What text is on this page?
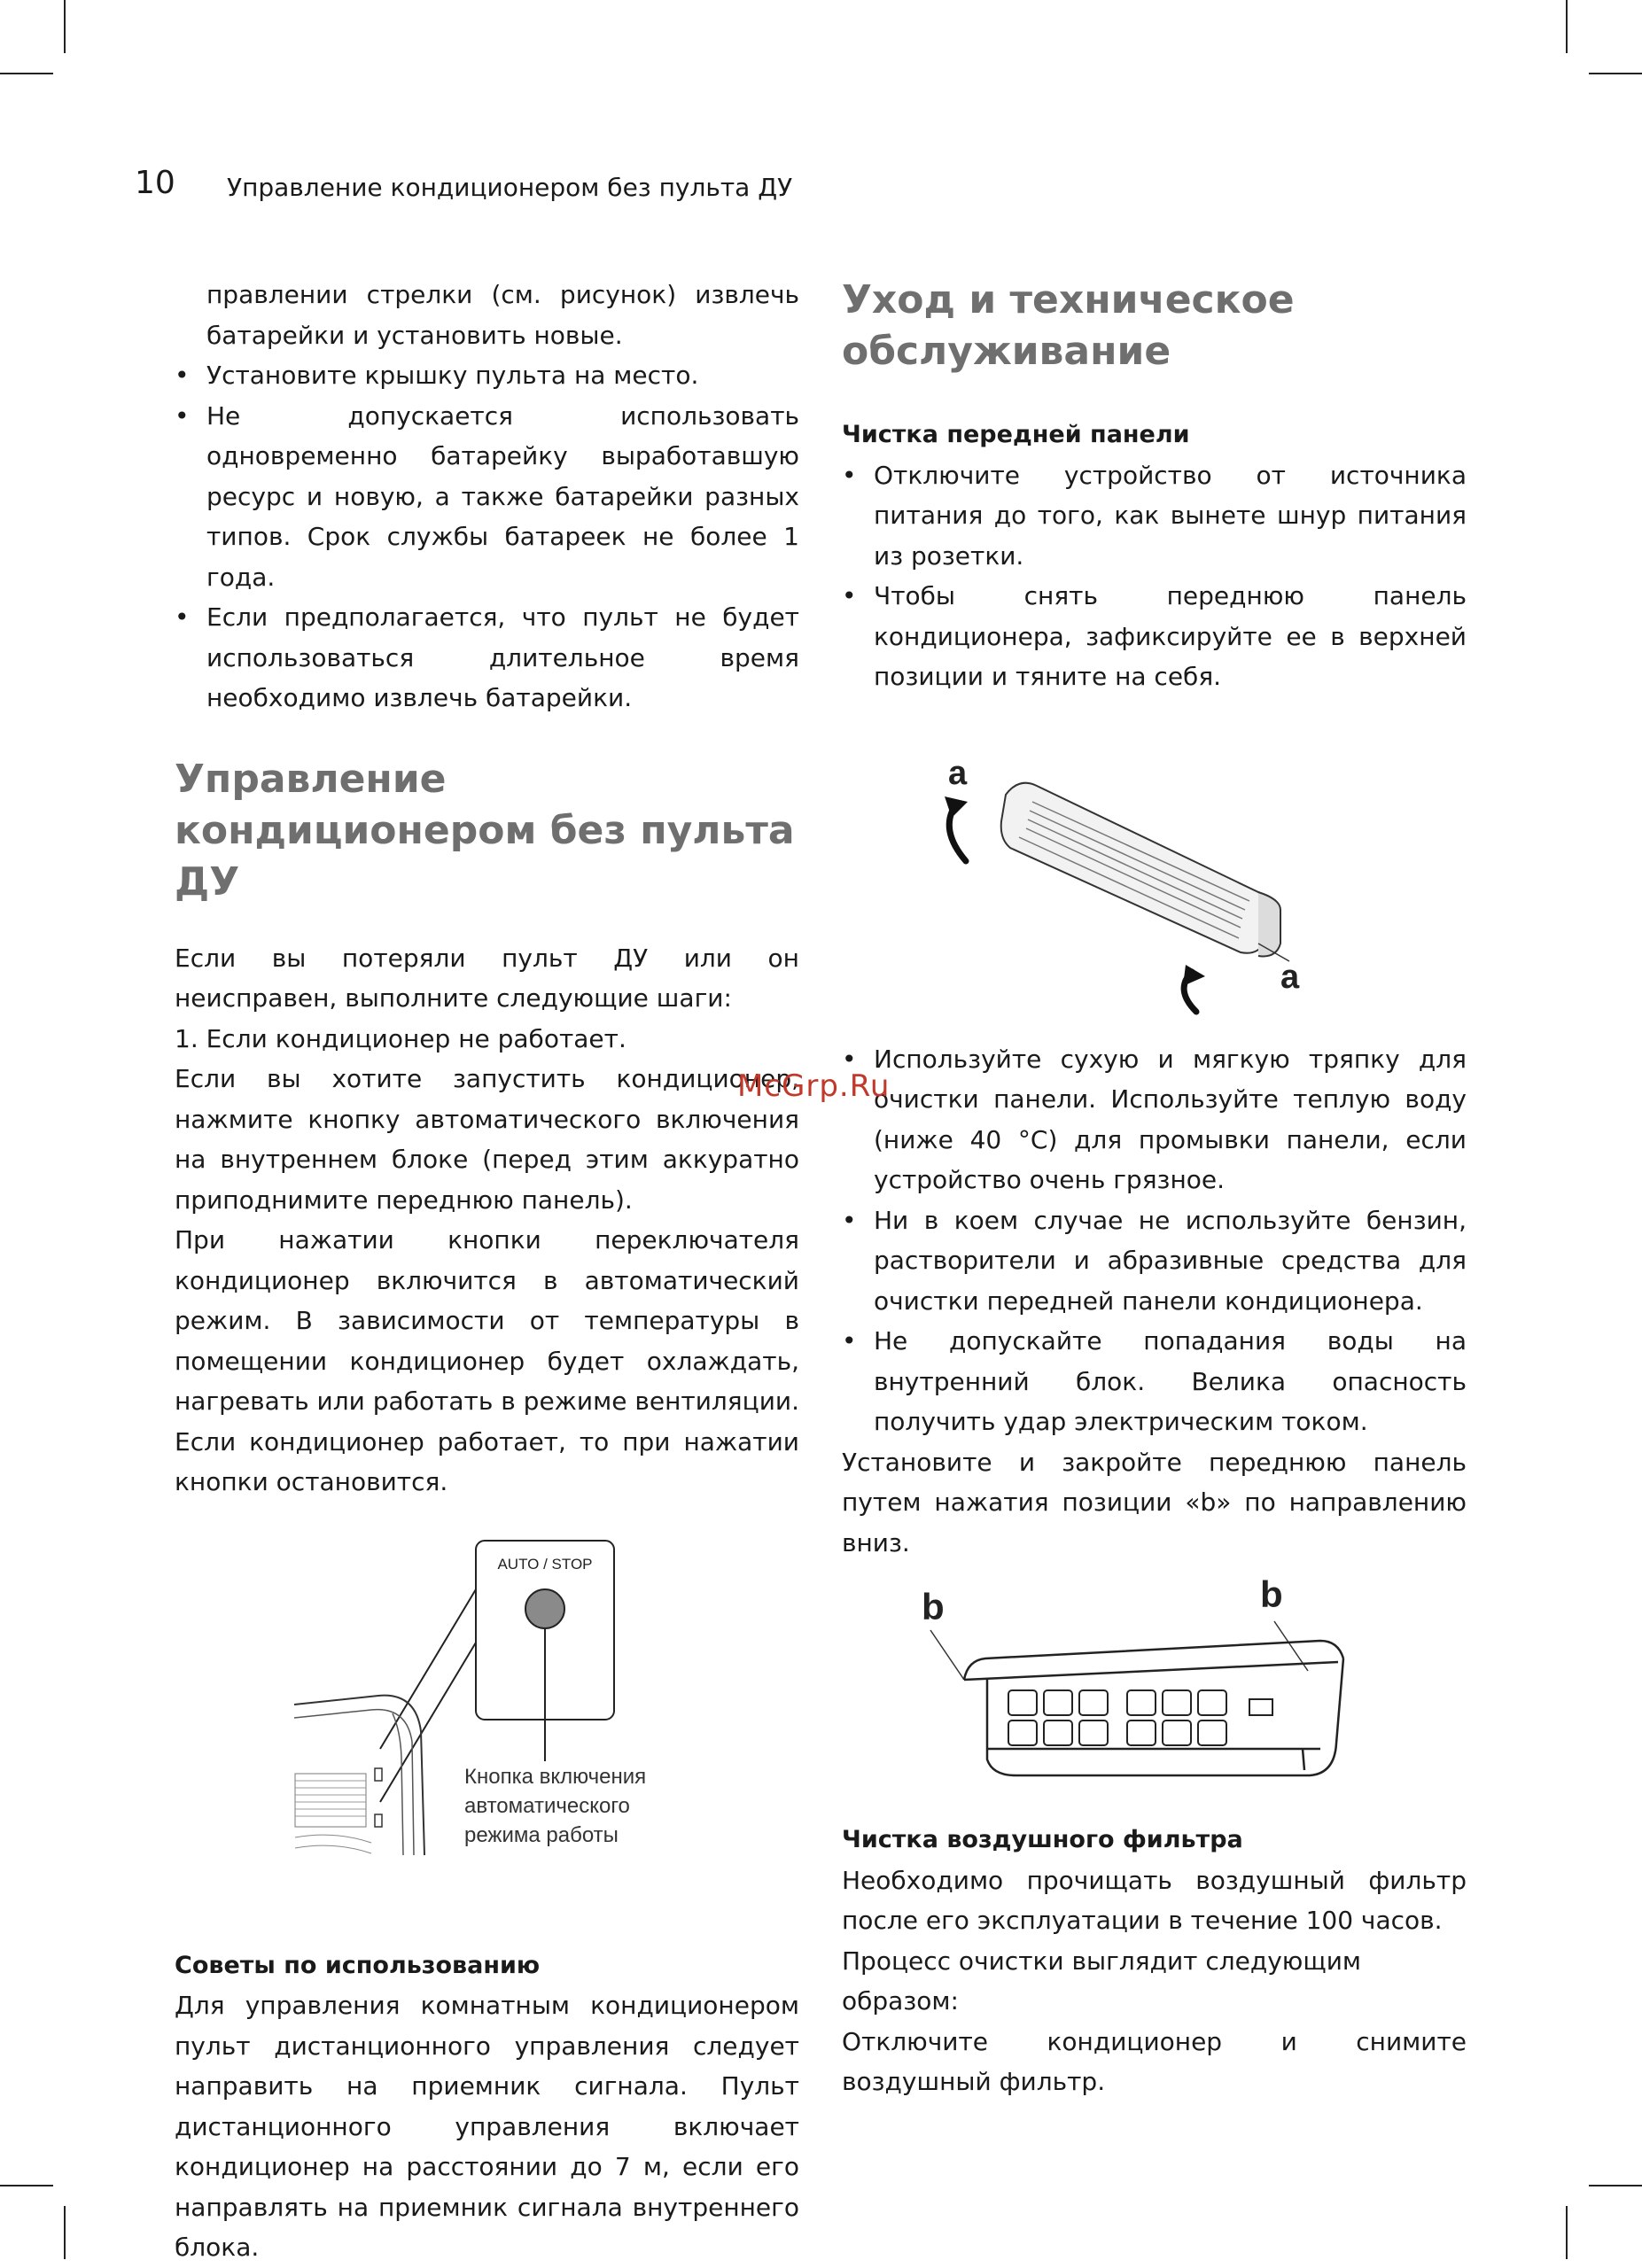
10 Управление кондиционером без пульта ДУ

правлении стрелки (см. рисунок) извлечь батарейки и установить новые.

• Установите крышку пульта на место.
• Не допускается использовать одновременно батарейку выработавшую ресурс и новую, а также батарейки разных типов. Срок службы батареек не более 1 года.
• Если предполагается, что пульт не будет использоваться длительное время необходимо извлечь батарейки.
Управление кондиционером без пульта ДУ

Если вы потеряли пульт ДУ или он неисправен, выполните следующие шаги:

1. Если кондиционер не работает.

Если вы хотите запустить кондиционер, нажмите кнопку автоматического включения на внутреннем блоке (перед этим аккуратно приподнимите переднюю панель).

При нажатии кнопки переключателя кондиционер включится в автоматический режим. В зависимости от температуры в помещении кондиционер будет охлаждать, нагревать или работать в режиме вентиляции. Если кондиционер работает, то при нажатии кнопки остановится.

AUTO / STOP
Кнопка включения
автоматического
режима работы
Советы по использованию

Для управления комнатным кондиционером пульт дистанционного управления следует направить на приемник сигнала. Пульт дистанционного управления включает кондиционер на расстоянии до 7 м, если его направлять на приемник сигнала внутреннего блока.

Уход и техническое обслуживание
Чистка передней панели
• Отключите устройство от источника питания до того, как вынете шнур питания из розетки.
• Чтобы снять переднюю панель кондиционера, зафиксируйте ее в верхней позиции и тяните на себя.
a
a
• Используйте сухую и мягкую тряпку для очистки панели. Используйте теплую воду (ниже 40 °С) для промывки панели, если устройство очень грязное.
• Ни в коем случае не используйте бензин, растворители и абразивные средства для очистки передней панели кондиционера.
• Не допускайте попадания воды на внутренний блок. Велика опасность получить удар электрическим током.

Установите и закройте переднюю панель путем нажатия позиции «b» по направлению вниз.

b	b
Чистка воздушного фильтра

Необходимо прочищать воздушный фильтр после его эксплуатации в течение 100 часов.

Процесс очистки выглядит следующим образом:

Отключите кондиционер и снимите воздушный фильтр.

McGrp.Ru
